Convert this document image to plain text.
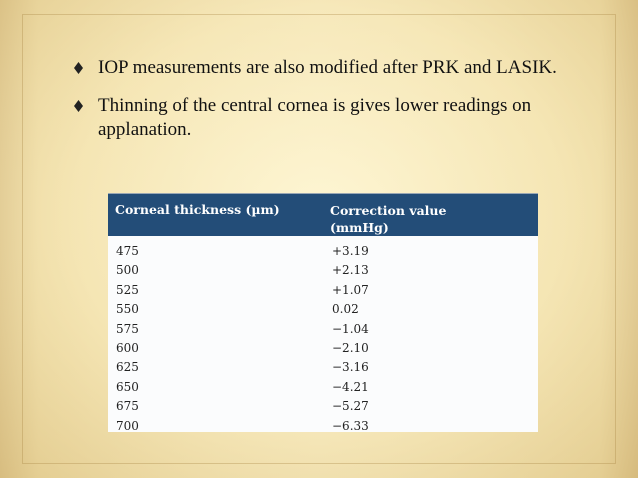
IOP measurements are also modified after PRK and LASIK.
Thinning of the central cornea is gives lower readings on applanation.
Corneal thickness (µm)	Correction value (mmHg)
475	+3.19
500	+2.13
525	+1.07
550	0.02
575	−1.04
600	−2.10
625	−3.16
650	−4.21
675	−5.27
700	−6.33
